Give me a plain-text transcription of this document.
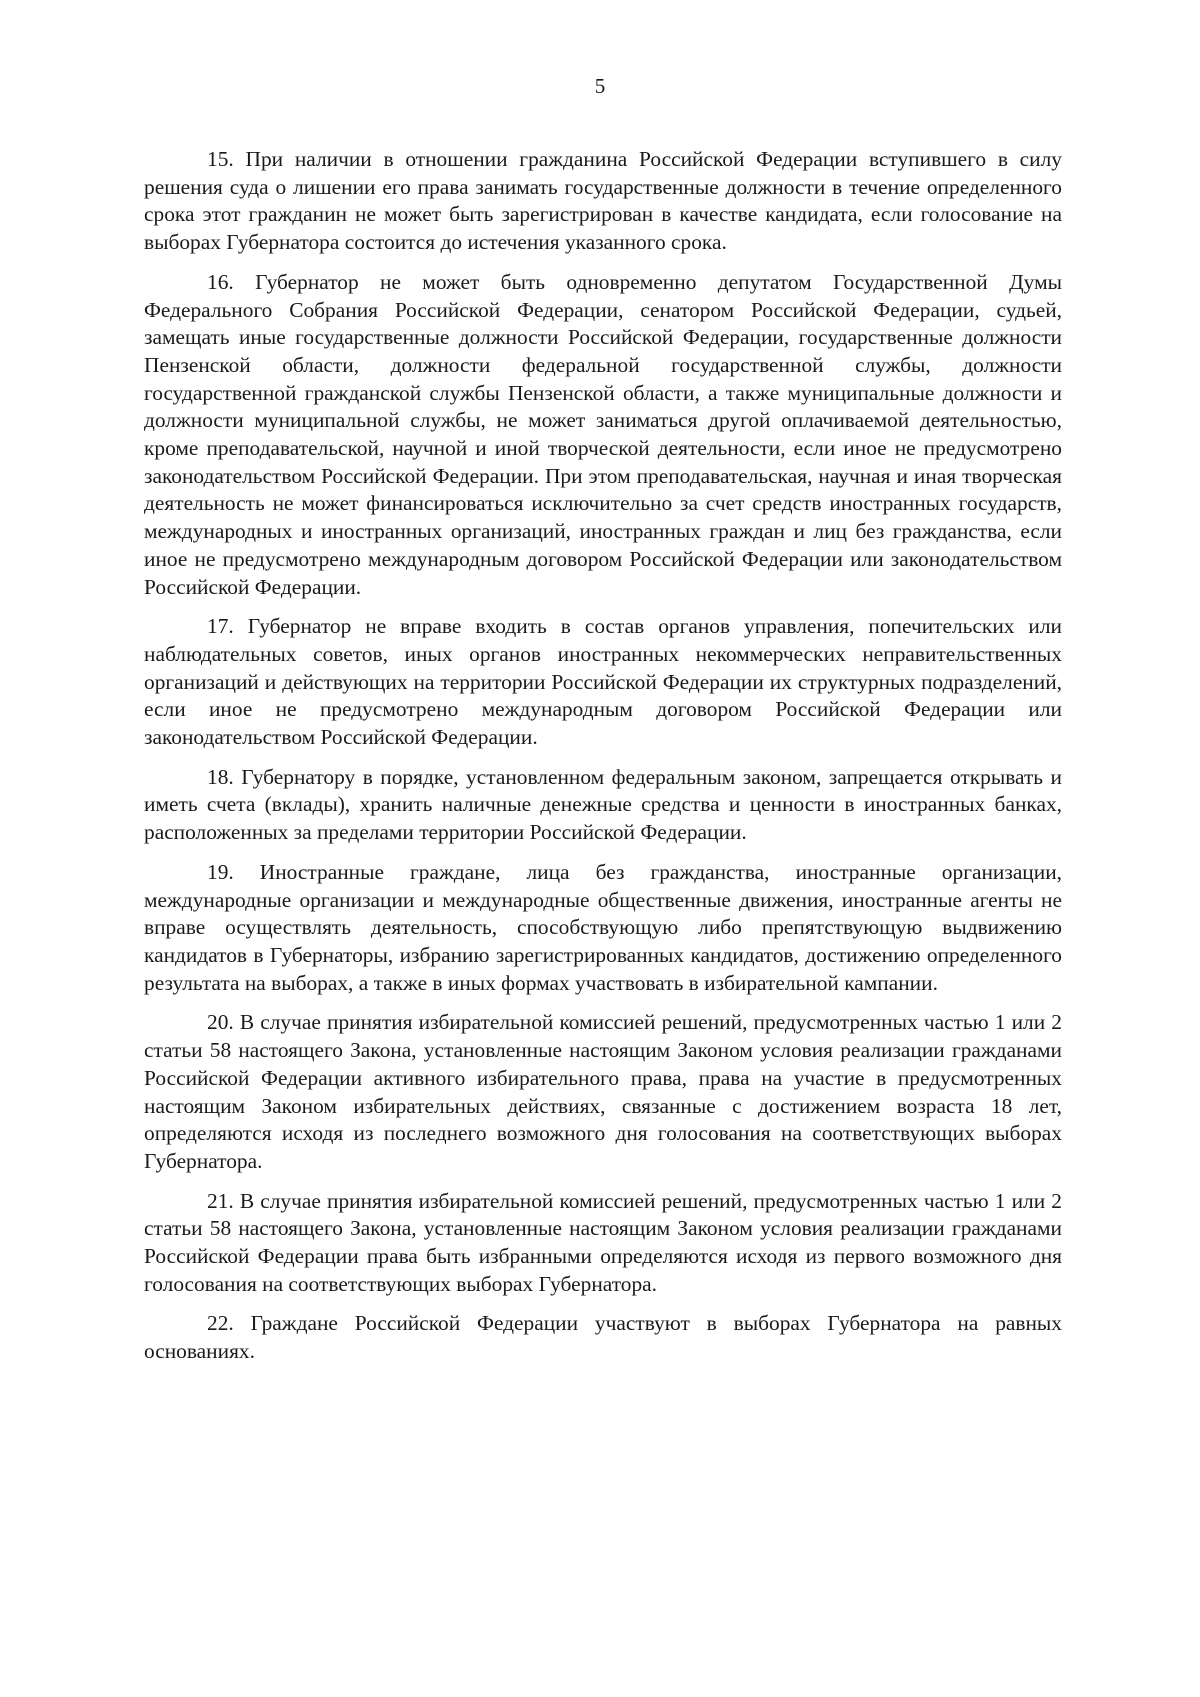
5

15. При наличии в отношении гражданина Российской Федерации вступившего в силу решения суда о лишении его права занимать государственные должности в течение определенного срока этот гражданин не может быть зарегистрирован в качестве кандидата, если голосование на выборах Губернатора состоится до истечения указанного срока.

16. Губернатор не может быть одновременно депутатом Государственной Думы Федерального Собрания Российской Федерации, сенатором Российской Федерации, судьей, замещать иные государственные должности Российской Федерации, государственные должности Пензенской области, должности федеральной государственной службы, должности государственной гражданской службы Пензенской области, а также муниципальные должности и должности муниципальной службы, не может заниматься другой оплачиваемой деятельностью, кроме преподавательской, научной и иной творческой деятельности, если иное не предусмотрено законодательством Российской Федерации. При этом преподавательская, научная и иная творческая деятельность не может финансироваться исключительно за счет средств иностранных государств, международных и иностранных организаций, иностранных граждан и лиц без гражданства, если иное не предусмотрено международным договором Российской Федерации или законодательством Российской Федерации.

17. Губернатор не вправе входить в состав органов управления, попечительских или наблюдательных советов, иных органов иностранных некоммерческих неправительственных организаций и действующих на территории Российской Федерации их структурных подразделений, если иное не предусмотрено международным договором Российской Федерации или законодательством Российской Федерации.

18. Губернатору в порядке, установленном федеральным законом, запрещается открывать и иметь счета (вклады), хранить наличные денежные средства и ценности в иностранных банках, расположенных за пределами территории Российской Федерации.

19. Иностранные граждане, лица без гражданства, иностранные организации, международные организации и международные общественные движения, иностранные агенты не вправе осуществлять деятельность, способствующую либо препятствующую выдвижению кандидатов в Губернаторы, избранию зарегистрированных кандидатов, достижению определенного результата на выборах, а также в иных формах участвовать в избирательной кампании.

20. В случае принятия избирательной комиссией решений, предусмотренных частью 1 или 2 статьи 58 настоящего Закона, установленные настоящим Законом условия реализации гражданами Российской Федерации активного избирательного права, права на участие в предусмотренных настоящим Законом избирательных действиях, связанные с достижением возраста 18 лет, определяются исходя из последнего возможного дня голосования на соответствующих выборах Губернатора.

21. В случае принятия избирательной комиссией решений, предусмотренных частью 1 или 2 статьи 58 настоящего Закона, установленные настоящим Законом условия реализации гражданами Российской Федерации права быть избранными определяются исходя из первого возможного дня голосования на соответствующих выборах Губернатора.

22. Граждане Российской Федерации участвуют в выборах Губернатора на равных основаниях.
